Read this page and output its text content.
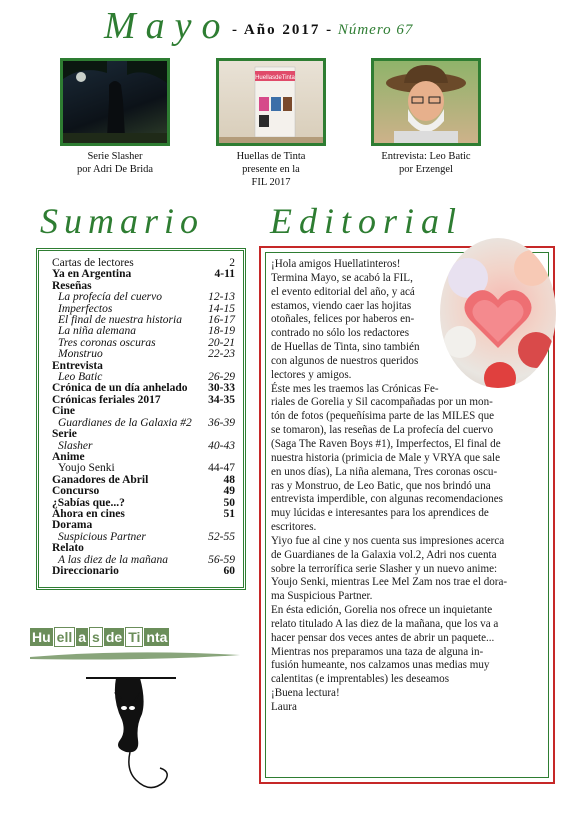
Mayo - Año 2017 - Número 67
Serie Slasher
por Adri De Brida
HuellasdeTinta
Huellas de Tinta
presente en la
FIL 2017
Entrevista: Leo Batic
por Erzengel
Sumario Editorial
Cartas de lectores	2
Ya en Argentina	4-11
Reseñas
La profecía del cuervo	12-13
Imperfectos	14-15
El final de nuestra historia 16-17
La niña alemana	18-19
Tres coronas oscuras	20-21
Monstruo	22-23
Entrevista
Leo Batic	26-29
Crónica de un día anhelado 30-33
Crónicas feriales 2017	34-35
Cine
Guardianes de la Galaxia #2 36-39
Serie
Slasher	40-43
Anime
Youjo Senki	44-47
Ganadores de Abril	48
Concurso	49
¿Sabías que...?	50
Ahora en cines	51
Dorama
Suspicious Partner	52-55
Relato
A las diez de la mañana	56-59
Direccionario	60

¡Hola amigos Huellatinteros!

Termina Mayo, se acabó la FIL,

el evento editorial del año, y acá

estamos, viendo caer las hojitas

otoñales, felices por haberos en-

contrado no sólo los redactores

de Huellas de Tinta, sino también

con algunos de nuestros queridos

lectores y amigos.

Éste mes les traemos las Crónicas Fe-

riales de Gorelia y Sil cacompañadas por un mon-

tón de fotos (pequeñísima parte de las MILES que

se tomaron), las reseñas de La profecía del cuervo

(Saga The Raven Boys #1), Imperfectos, El final de

nuestra historia (primicia de Male y VRYA que sale

en unos días), La niña alemana, Tres coronas oscu-

ras y Monstruo, de Leo Batic, que nos brindó una

entrevista imperdible, con algunas recomendaciones

muy lúcidas e interesantes para los aprendices de

escritores.

Yiyo fue al cine y nos cuenta sus impresiones acerca

de Guardianes de la Galaxia vol.2, Adri nos cuenta

sobre la terrorífica serie Slasher y un nuevo anime:

Youjo Senki, mientras Lee Mel Zam nos trae el dora-

ma Suspicious Partner.

En ésta edición, Gorelia nos ofrece un inquietante

relato titulado A las diez de la mañana, que los va a

hacer pensar dos veces antes de abrir un paquete...

Mientras nos preparamos una taza de alguna in-

fusión humeante, nos calzamos unas medias muy

calentitas (e imprentables) les deseamos

¡Buena lectura!

Laura

Hu ell a s de Ti nta
